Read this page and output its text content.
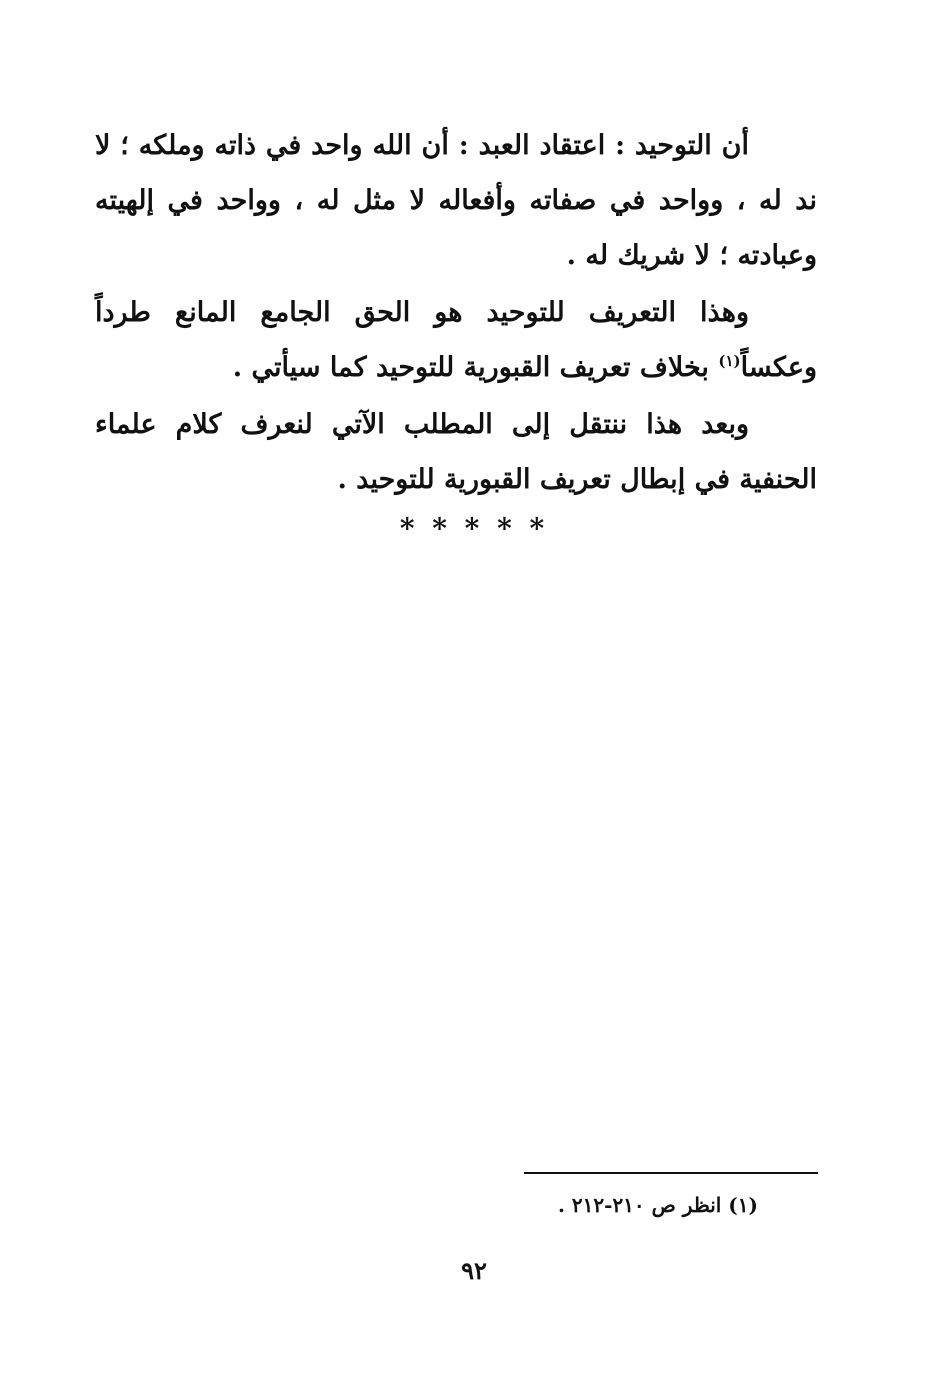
أن التوحيد : اعتقاد العبد : أن الله واحد في ذاته وملكه ؛ لا ند له ، وواحد في صفاته وأفعاله لا مثل له ، وواحد في إلهيته وعبادته ؛ لا شريك له .

وهذا التعريف للتوحيد هو الحق الجامع المانع طرداً وعكساً$^{(١)}$ بخلاف تعريف القبورية للتوحيد كما سيأتي .

وبعد هذا ننتقل إلى المطلب الآتي لنعرف كلام علماء الحنفية في إبطال تعريف القبورية للتوحيد .

* * * * *
(١) انظر ص ٢١٠-٢١٢ .
٩٢
